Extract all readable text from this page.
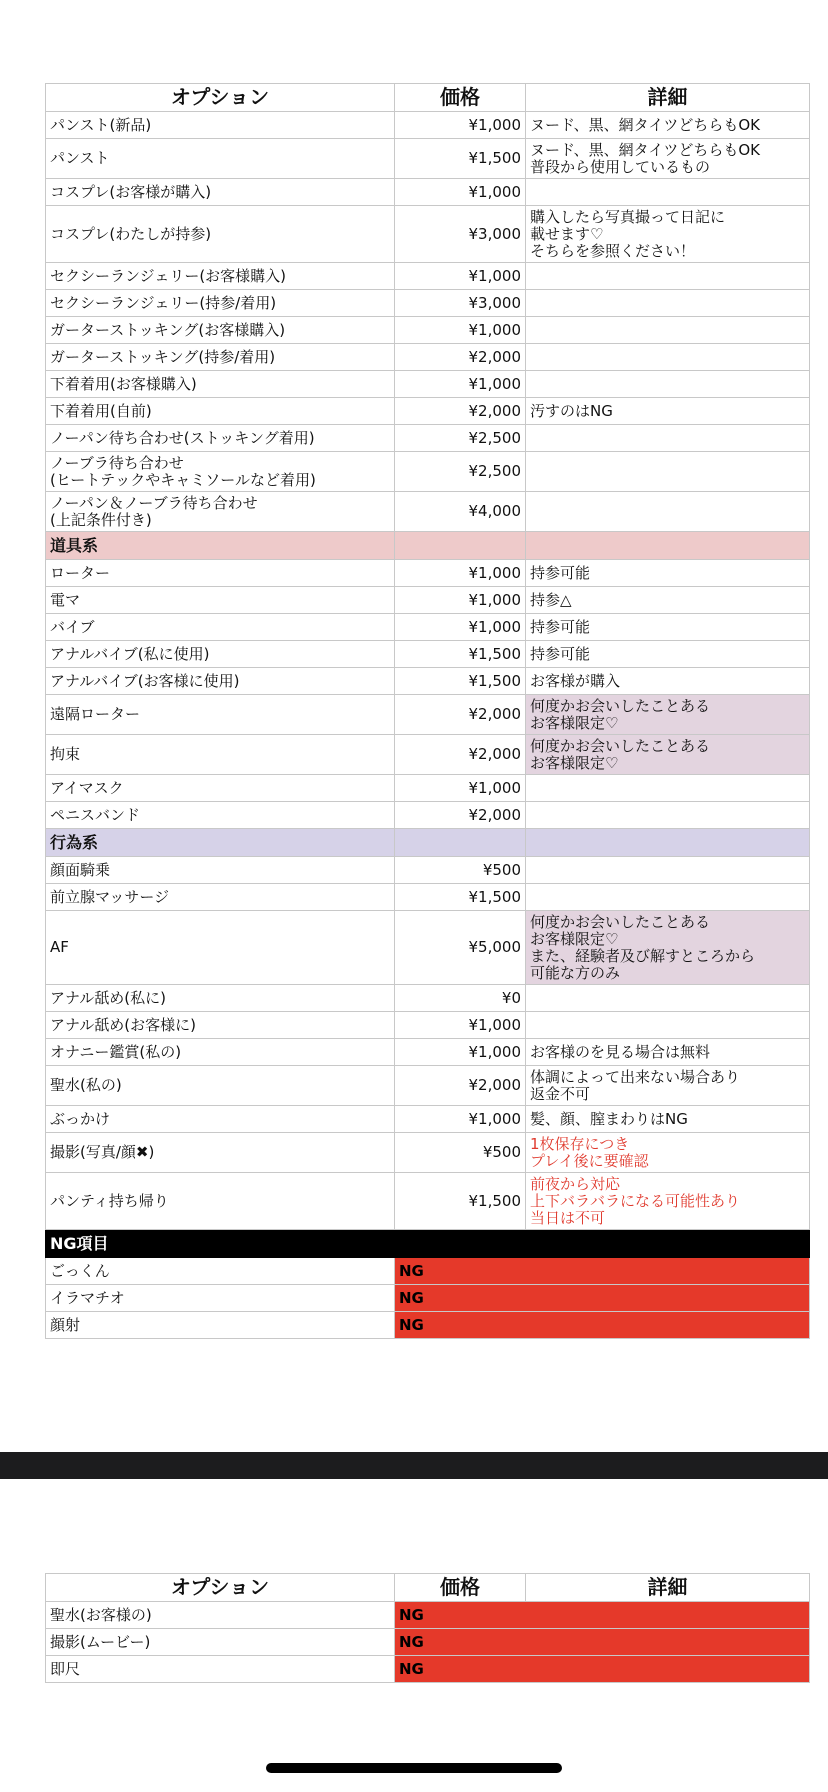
オプション	価格	詳細
パンスト(新品)	¥1,000	ヌード、黒、網タイツどちらもOK
パンスト	¥1,500	ヌード、黒、網タイツどちらもOK
普段から使用しているもの
コスプレ(お客様が購入)	¥1,000	
コスプレ(わたしが持参)	¥3,000	購入したら写真撮って日記に
載せます♡
そちらを参照ください！
セクシーランジェリー(お客様購入)	¥1,000	
セクシーランジェリー(持参/着用)	¥3,000	
ガーターストッキング(お客様購入)	¥1,000	
ガーターストッキング(持参/着用)	¥2,000	
下着着用(お客様購入)	¥1,000	
下着着用(自前)	¥2,000	汚すのはNG
ノーパン待ち合わせ(ストッキング着用)	¥2,500	
ノーブラ待ち合わせ
(ヒートテックやキャミソールなど着用)	¥2,500	
ノーパン＆ノーブラ待ち合わせ
(上記条件付き)	¥4,000	
道具系		
ローター	¥1,000	持参可能
電マ	¥1,000	持参△
バイブ	¥1,000	持参可能
アナルバイブ(私に使用)	¥1,500	持参可能
アナルバイブ(お客様に使用)	¥1,500	お客様が購入
遠隔ローター	¥2,000	何度かお会いしたことある
お客様限定♡
拘束	¥2,000	何度かお会いしたことある
お客様限定♡
アイマスク	¥1,000	
ペニスバンド	¥2,000	
行為系		
顔面騎乗	¥500	
前立腺マッサージ	¥1,500	
AF	¥5,000	何度かお会いしたことある
お客様限定♡
また、経験者及び解すところから
可能な方のみ
アナル舐め(私に)	¥0	
アナル舐め(お客様に)	¥1,000	
オナニー鑑賞(私の)	¥1,000	お客様のを見る場合は無料
聖水(私の)	¥2,000	体調によって出来ない場合あり
返金不可
ぶっかけ	¥1,000	髪、顔、膣まわりはNG
撮影(写真/顔✖)	¥500	1枚保存につき
プレイ後に要確認
パンティ持ち帰り	¥1,500	前夜から対応
上下バラバラになる可能性あり
当日は不可
NG項目		
ごっくん	NG	
イラマチオ	NG	
顔射	NG	
オプション	価格	詳細
聖水(お客様の)	NG	
撮影(ムービー)	NG	
即尺	NG	
